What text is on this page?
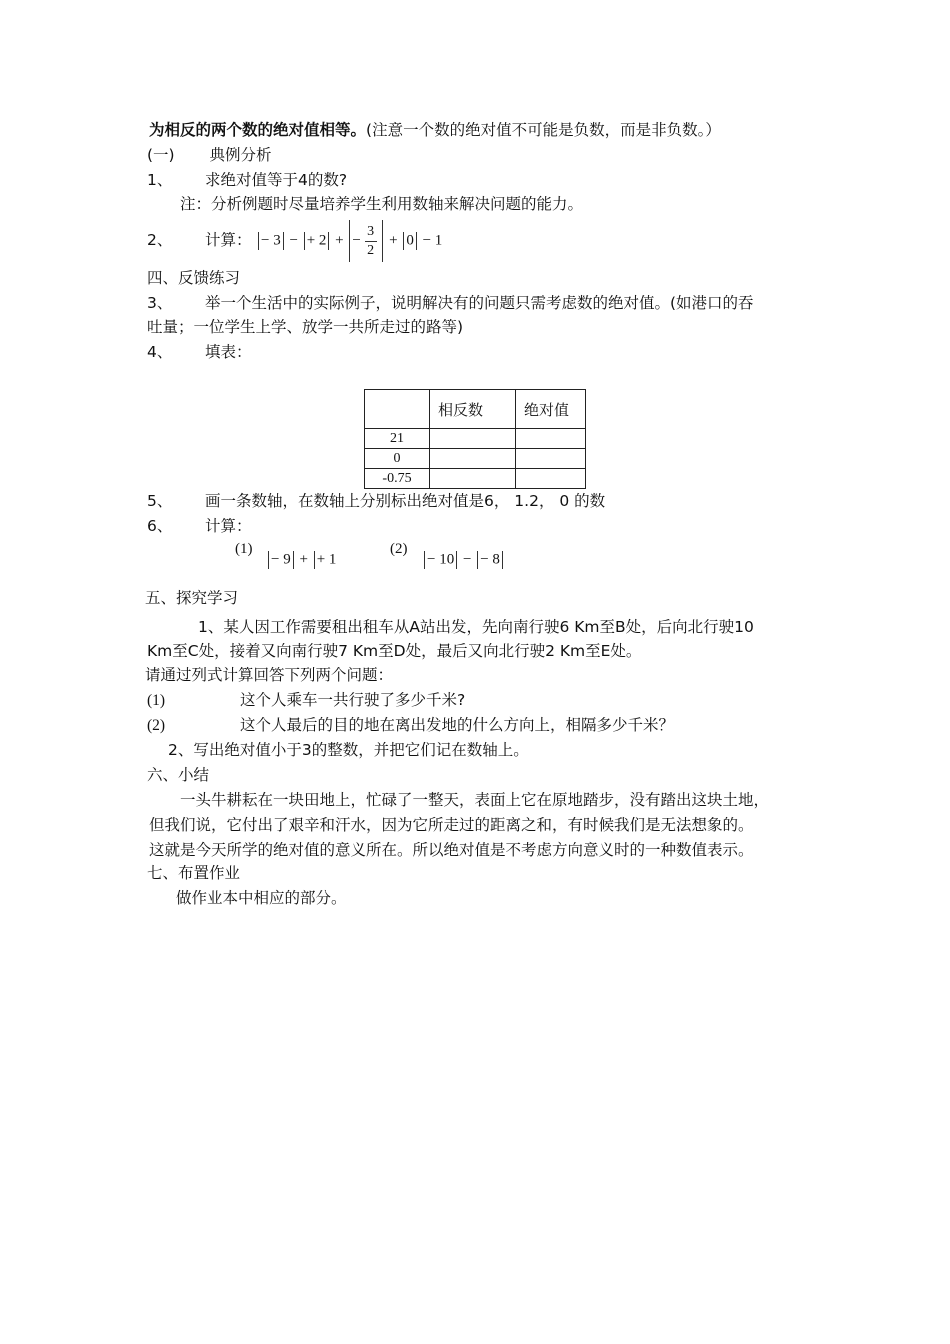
为相反的两个数的绝对值相等。(注意一个数的绝对值不可能是负数，而是非负数。）
(一) 典例分析
1、 求绝对值等于4的数?
注：分析例题时尽量培养学生利用数轴来解决问题的能力。
2、 计算： − 3 − + 2 + − $\frac{3}{2} + 0 - 1$
四、反馈练习
3、 举一个生活中的实际例子，说明解决有的问题只需考虑数的绝对值。(如港口的吞
吐量；一位学生上学、放学一共所走过的路等)
4、 填表：
	相反数	绝对值
21		
0		
-0.75		
5、 画一条数轴，在数轴上分别标出绝对值是6， 1.2， 0 的数
6、 计算：
(1)
− 9 + + 1
(2)
− 10 − − 8
五、探究学习
1、某人因工作需要租出租车从A站出发，先向南行驶6 Km至B处，后向北行驶10
Km至C处，接着又向南行驶7 Km至D处，最后又向北行驶2 Km至E处。
请通过列式计算回答下列两个问题：
(1)	这个人乘车一共行驶了多少千米?
(2)	这个人最后的目的地在离出发地的什么方向上，相隔多少千米？
2、写出绝对值小于3的整数，并把它们记在数轴上。
六、小结
一头牛耕耘在一块田地上，忙碌了一整天，表面上它在原地踏步，没有踏出这块土地，
但我们说，它付出了艰辛和汗水，因为它所走过的距离之和，有时候我们是无法想象的。
这就是今天所学的绝对值的意义所在。所以绝对值是不考虑方向意义时的一种数值表示。
七、布置作业
做作业本中相应的部分。
